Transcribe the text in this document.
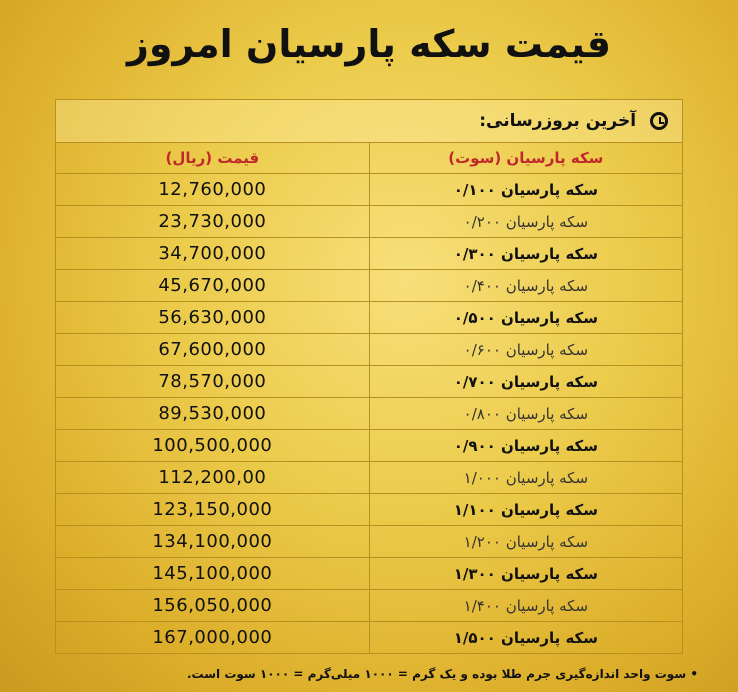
قیمت سکه پارسیان امروز
آخرین بروزرسانی:	
سکه پارسیان (سوت)	قیمت (ریال)
سکه پارسیان ۰/۱۰۰	12,760,000
سکه پارسیان ۰/۲۰۰	23,730,000
سکه پارسیان ۰/۳۰۰	34,700,000
سکه پارسیان ۰/۴۰۰	45,670,000
سکه پارسیان ۰/۵۰۰	56,630,000
سکه پارسیان ۰/۶۰۰	67,600,000
سکه پارسیان ۰/۷۰۰	78,570,000
سکه پارسیان ۰/۸۰۰	89,530,000
سکه پارسیان ۰/۹۰۰	100,500,000
سکه پارسیان ۱/۰۰۰	112,200,00
سکه پارسیان ۱/۱۰۰	123,150,000
سکه پارسیان ۱/۲۰۰	134,100,000
سکه پارسیان ۱/۳۰۰	145,100,000
سکه پارسیان ۱/۴۰۰	156,050,000
سکه پارسیان ۱/۵۰۰	167,000,000
• سوت واحد اندازه‌گیری جرم طلا بوده و یک گرم = ۱۰۰۰ میلی‌گرم = ۱۰۰۰ سوت است.
